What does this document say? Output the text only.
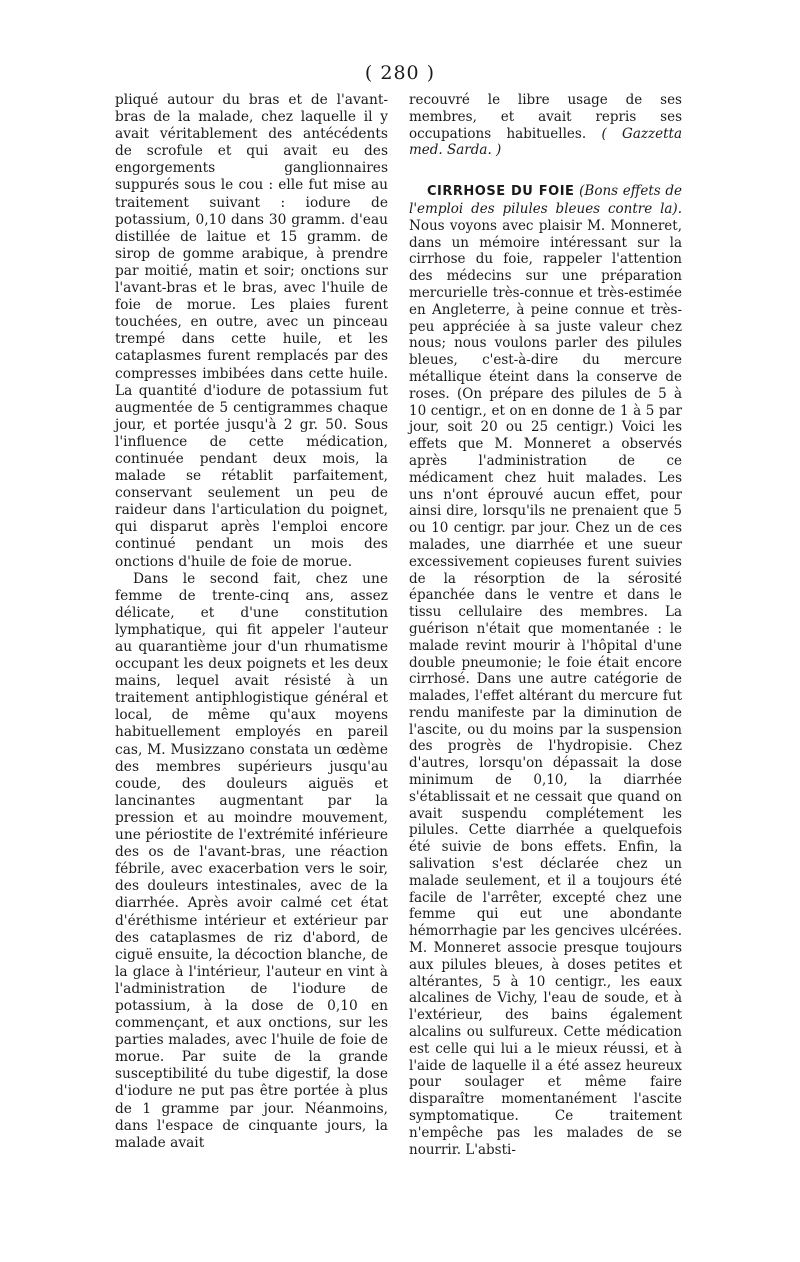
( 280 )

pliqué autour du bras et de l'avant-bras de la malade, chez laquelle il y avait véritablement des antécédents de scrofule et qui avait eu des engorgements ganglionnaires suppurés sous le cou : elle fut mise au traitement suivant : iodure de potassium, 0,10 dans 30 gramm. d'eau distillée de laitue et 15 gramm. de sirop de gomme arabique, à prendre par moitié, matin et soir; onctions sur l'avant-bras et le bras, avec l'huile de foie de morue. Les plaies furent touchées, en outre, avec un pinceau trempé dans cette huile, et les cataplasmes furent remplacés par des compresses imbibées dans cette huile. La quantité d'iodure de potassium fut augmentée de 5 centigrammes chaque jour, et portée jusqu'à 2 gr. 50. Sous l'influence de cette médication, continuée pendant deux mois, la malade se rétablit parfaitement, conservant seulement un peu de raideur dans l'articulation du poignet, qui disparut après l'emploi encore continué pendant un mois des onctions d'huile de foie de morue.

Dans le second fait, chez une femme de trente-cinq ans, assez délicate, et d'une constitution lymphatique, qui fit appeler l'auteur au quarantième jour d'un rhumatisme occupant les deux poignets et les deux mains, lequel avait résisté à un traitement antiphlogistique général et local, de même qu'aux moyens habituellement employés en pareil cas, M. Musizzano constata un œdème des membres supérieurs jusqu'au coude, des douleurs aiguës et lancinantes augmentant par la pression et au moindre mouvement, une périostite de l'extrémité inférieure des os de l'avant-bras, une réaction fébrile, avec exacerbation vers le soir, des douleurs intestinales, avec de la diarrhée. Après avoir calmé cet état d'éréthisme intérieur et extérieur par des cataplasmes de riz d'abord, de ciguë ensuite, la décoction blanche, de la glace à l'intérieur, l'auteur en vint à l'administration de l'iodure de potassium, à la dose de 0,10 en commençant, et aux onctions, sur les parties malades, avec l'huile de foie de morue. Par suite de la grande susceptibilité du tube digestif, la dose d'iodure ne put pas être portée à plus de 1 gramme par jour. Néanmoins, dans l'espace de cinquante jours, la malade avait

recouvré le libre usage de ses membres, et avait repris ses occupations habituelles. ( Gazzetta med. Sarda. )

CIRRHOSE DU FOIE (Bons effets de l'emploi des pilules bleues contre la). Nous voyons avec plaisir M. Monneret, dans un mémoire intéressant sur la cirrhose du foie, rappeler l'attention des médecins sur une préparation mercurielle très-connue et très-estimée en Angleterre, à peine connue et très-peu appréciée à sa juste valeur chez nous; nous voulons parler des pilules bleues, c'est-à-dire du mercure métallique éteint dans la conserve de roses. (On prépare des pilules de 5 à 10 centigr., et on en donne de 1 à 5 par jour, soit 20 ou 25 centigr.) Voici les effets que M. Monneret a observés après l'administration de ce médicament chez huit malades. Les uns n'ont éprouvé aucun effet, pour ainsi dire, lorsqu'ils ne prenaient que 5 ou 10 centigr. par jour. Chez un de ces malades, une diarrhée et une sueur excessivement copieuses furent suivies de la résorption de la sérosité épanchée dans le ventre et dans le tissu cellulaire des membres. La guérison n'était que momentanée : le malade revint mourir à l'hôpital d'une double pneumonie; le foie était encore cirrhosé. Dans une autre catégorie de malades, l'effet altérant du mercure fut rendu manifeste par la diminution de l'ascite, ou du moins par la suspension des progrès de l'hydropisie. Chez d'autres, lorsqu'on dépassait la dose minimum de 0,10, la diarrhée s'établissait et ne cessait que quand on avait suspendu complétement les pilules. Cette diarrhée a quelquefois été suivie de bons effets. Enfin, la salivation s'est déclarée chez un malade seulement, et il a toujours été facile de l'arrêter, excepté chez une femme qui eut une abondante hémorrhagie par les gencives ulcérées. M. Monneret associe presque toujours aux pilules bleues, à doses petites et altérantes, 5 à 10 centigr., les eaux alcalines de Vichy, l'eau de soude, et à l'extérieur, des bains également alcalins ou sulfureux. Cette médication est celle qui lui a le mieux réussi, et à l'aide de laquelle il a été assez heureux pour soulager et même faire disparaître momentanément l'ascite symptomatique. Ce traitement n'empêche pas les malades de se nourrir. L'absti-
